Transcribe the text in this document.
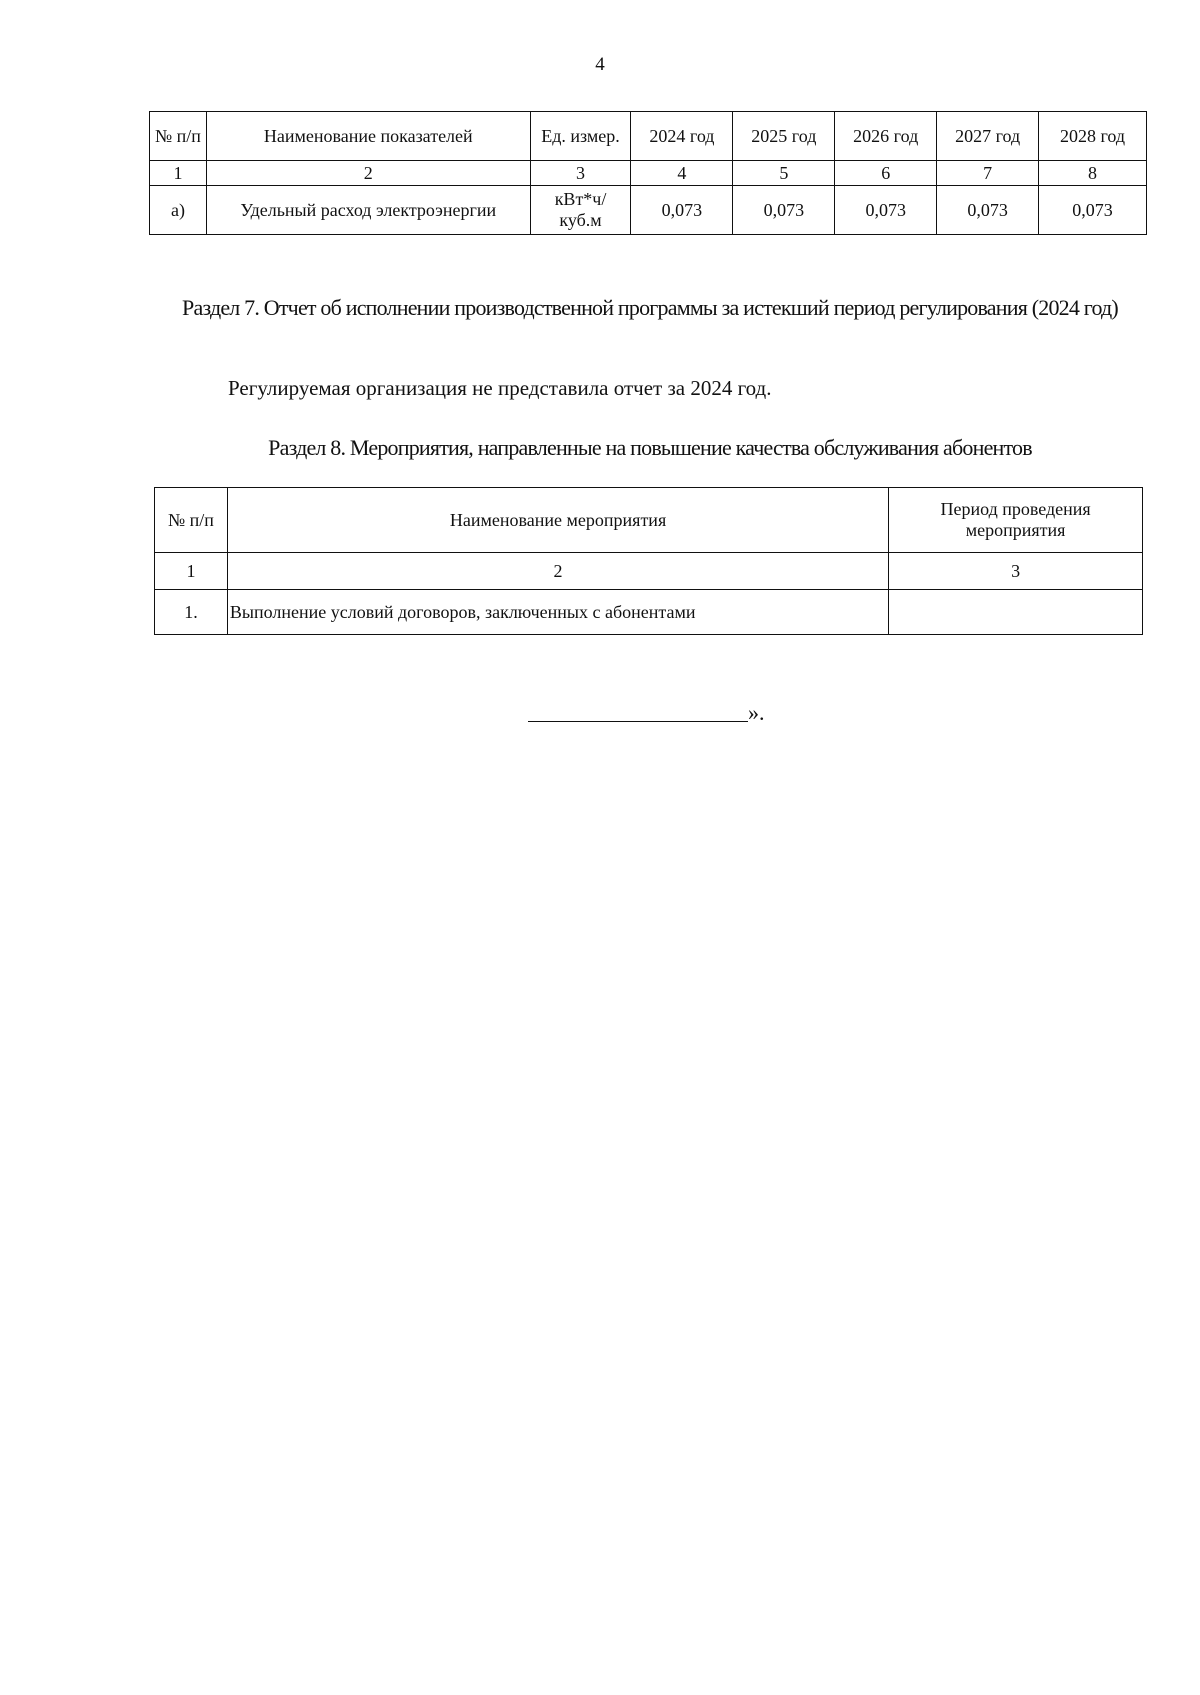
4
№ п/п	Наименование показателей	Ед. измер.	2024 год	2025 год	2026 год	2027 год	2028 год
1	2	3	4	5	6	7	8
а)	Удельный расход электроэнергии	кВт*ч/ куб.м	0,073	0,073	0,073	0,073	0,073
Раздел 7. Отчет об исполнении производственной программы за истекший период регулирования (2024 год)
Регулируемая организация не представила отчет за 2024 год.
Раздел 8. Мероприятия, направленные на повышение качества обслуживания абонентов
№ п/п	Наименование мероприятия	Период проведения мероприятия
1	2	3
1.	Выполнение условий договоров, заключенных с абонентами	
».
